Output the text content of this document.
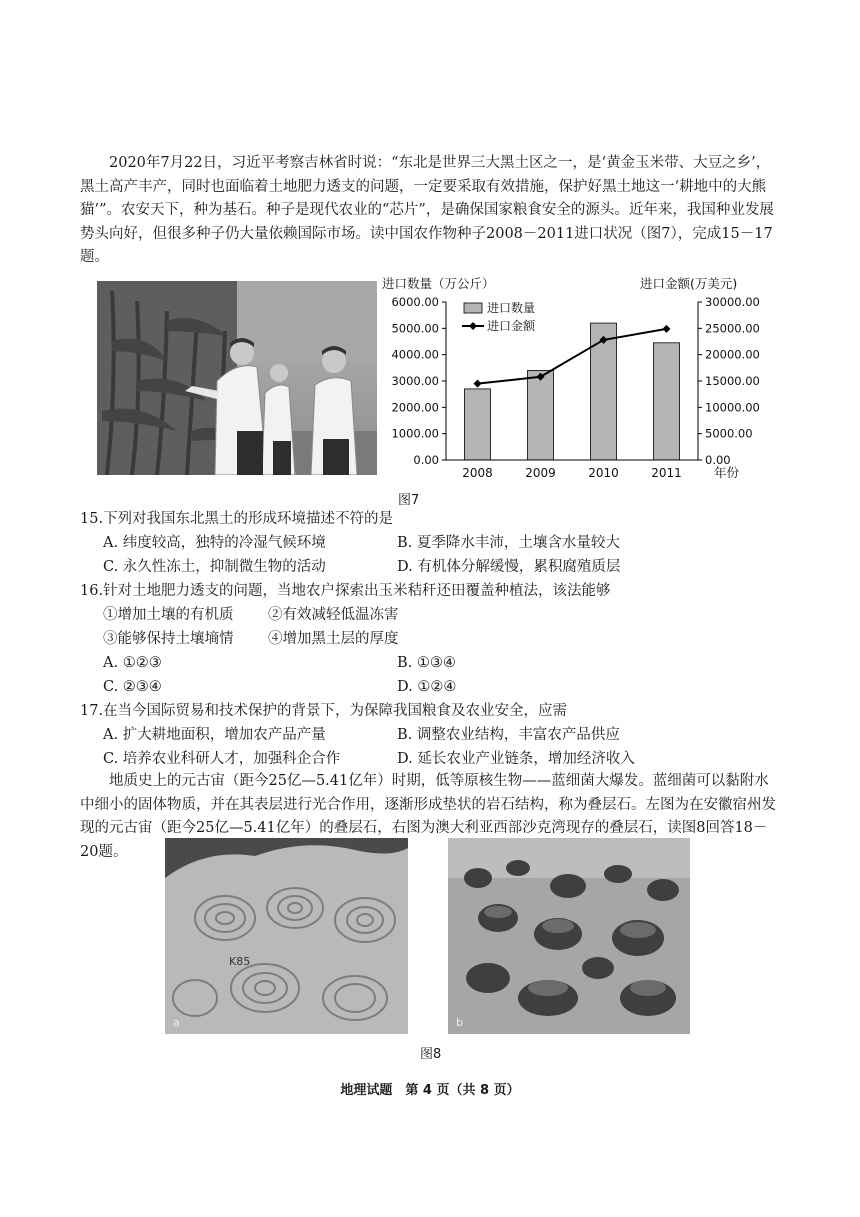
2020年7月22日，习近平考察吉林省时说：“东北是世界三大黑土区之一，是‘黄金玉米带、大豆之乡’，黑土高产丰产，同时也面临着土地肥力透支的问题，一定要采取有效措施，保护好黑土地这一‘耕地中的大熊猫’”。农安天下，种为基石。种子是现代农业的“芯片”，是确保国家粮食安全的源头。近年来，我国种业发展势头向好，但很多种子仍大量依赖国际市场。读中国农作物种子2008－2011进口状况（图7），完成15－17题。

进口数量（万公斤）	进口金额(万美元)
0.00
1000.00
2000.00
3000.00
4000.00
5000.00
6000.00
0.00
5000.00
10000.00
15000.00
20000.00
25000.00
30000.00
2008	2009	2010	2011
进口数量
进口金额
年份
图7

15.下列对我国东北黑土的形成环境描述不符的是

A. 纬度较高，独特的冷湿气候环境	B. 夏季降水丰沛，土壤含水量较大

C. 永久性冻土，抑制微生物的活动	D. 有机体分解缓慢，累积腐殖质层

16.针对土地肥力透支的问题，当地农户探索出玉米秸秆还田覆盖种植法，该法能够

①增加土壤的有机质 ②有效减轻低温冻害

③能够保持土壤墒情 ④增加黑土层的厚度

A. ①②③	B. ①③④

C. ②③④	D. ①②④

17.在当今国际贸易和技术保护的背景下，为保障我国粮食及农业安全，应需

A. 扩大耕地面积，增加农产品产量	B. 调整农业结构，丰富农产品供应

C. 培养农业科研人才，加强科企合作	D. 延长农业产业链条，增加经济收入

地质史上的元古宙（距今25亿—5.41亿年）时期，低等原核生物——蓝细菌大爆发。蓝细菌可以黏附水中细小的固体物质，并在其表层进行光合作用，逐渐形成垫状的岩石结构，称为叠层石。左图为在安徽宿州发现的元古宙（距今25亿—5.41亿年）的叠层石，右图为澳大利亚西部沙克湾现存的叠层石，读图8回答18－20题。

K85
a	b
图8
地理试题　第 4 页（共 8 页）
